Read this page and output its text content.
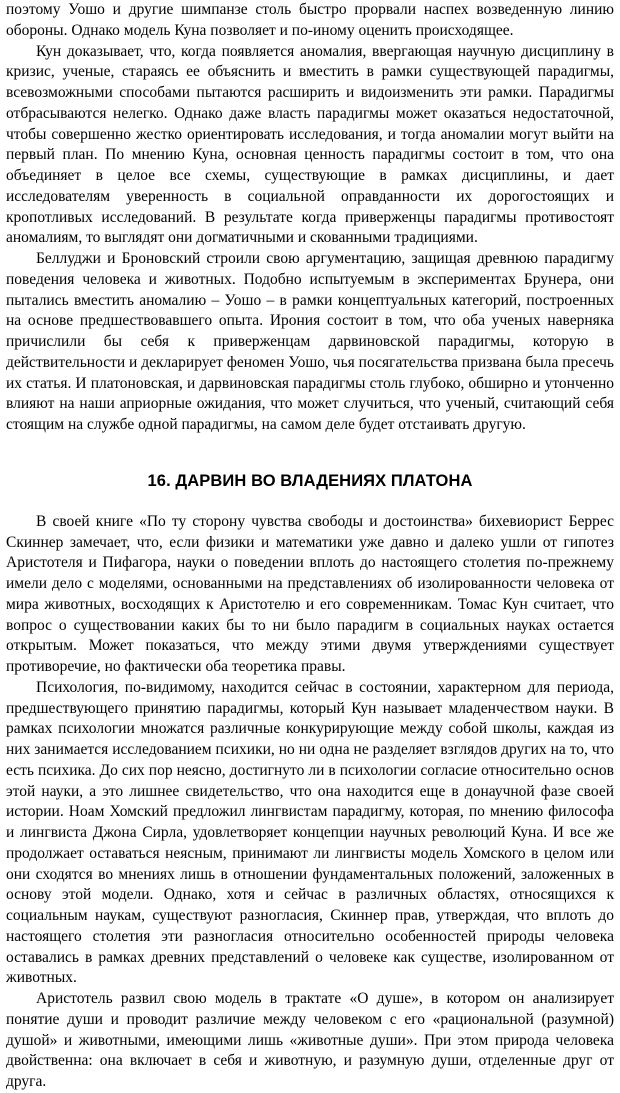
поэтому Уошо и другие шимпанзе столь быстро прорвали наспех возведенную линию обороны. Однако модель Куна позволяет и по-иному оценить происходящее.

Кун доказывает, что, когда появляется аномалия, ввергающая научную дисциплину в кризис, ученые, стараясь ее объяснить и вместить в рамки существующей парадигмы, всевозможными способами пытаются расширить и видоизменить эти рамки. Парадигмы отбрасываются нелегко. Однако даже власть парадигмы может оказаться недостаточной, чтобы совершенно жестко ориентировать исследования, и тогда аномалии могут выйти на первый план. По мнению Куна, основная ценность парадигмы состоит в том, что она объединяет в целое все схемы, существующие в рамках дисциплины, и дает исследователям уверенность в социальной оправданности их дорогостоящих и кропотливых исследований. В результате когда приверженцы парадигмы противостоят аномалиям, то выглядят они догматичными и скованными традициями.

Беллуджи и Броновский строили свою аргументацию, защищая древнюю парадигму поведения человека и животных. Подобно испытуемым в экспериментах Брунера, они пытались вместить аномалию – Уошо – в рамки концептуальных категорий, построенных на основе предшествовавшего опыта. Ирония состоит в том, что оба ученых наверняка причислили бы себя к приверженцам дарвиновской парадигмы, которую в действительности и декларирует феномен Уошо, чья посягательства призвана была пресечь их статья. И платоновская, и дарвиновская парадигмы столь глубоко, обширно и утонченно влияют на наши априорные ожидания, что может случиться, что ученый, считающий себя стоящим на службе одной парадигмы, на самом деле будет отстаивать другую.

16. ДАРВИН ВО ВЛАДЕНИЯХ ПЛАТОНА

В своей книге «По ту сторону чувства свободы и достоинства» бихевиорист Беррес Скиннер замечает, что, если физики и математики уже давно и далеко ушли от гипотез Аристотеля и Пифагора, науки о поведении вплоть до настоящего столетия по-прежнему имели дело с моделями, основанными на представлениях об изолированности человека от мира животных, восходящих к Аристотелю и его современникам. Томас Кун считает, что вопрос о существовании каких бы то ни было парадигм в социальных науках остается открытым. Может показаться, что между этими двумя утверждениями существует противоречие, но фактически оба теоретика правы.

Психология, по-видимому, находится сейчас в состоянии, характерном для периода, предшествующего принятию парадигмы, который Кун называет младенчеством науки. В рамках психологии множатся различные конкурирующие между собой школы, каждая из них занимается исследованием психики, но ни одна не разделяет взглядов других на то, что есть психика. До сих пор неясно, достигнуто ли в психологии согласие относительно основ этой науки, а это лишнее свидетельство, что она находится еще в донаучной фазе своей истории. Ноам Хомский предложил лингвистам парадигму, которая, по мнению философа и лингвиста Джона Сирла, удовлетворяет концепции научных революций Куна. И все же продолжает оставаться неясным, принимают ли лингвисты модель Хомского в целом или они сходятся во мнениях лишь в отношении фундаментальных положений, заложенных в основу этой модели. Однако, хотя и сейчас в различных областях, относящихся к социальным наукам, существуют разногласия, Скиннер прав, утверждая, что вплоть до настоящего столетия эти разногласия относительно особенностей природы человека оставались в рамках древних представлений о человеке как существе, изолированном от животных.

Аристотель развил свою модель в трактате «О душе», в котором он анализирует понятие души и проводит различие между человеком с его «рациональной (разумной) душой» и животными, имеющими лишь «животные души». При этом природа человека двойственна: она включает в себя и животную, и разумную души, отделенные друг от друга.
